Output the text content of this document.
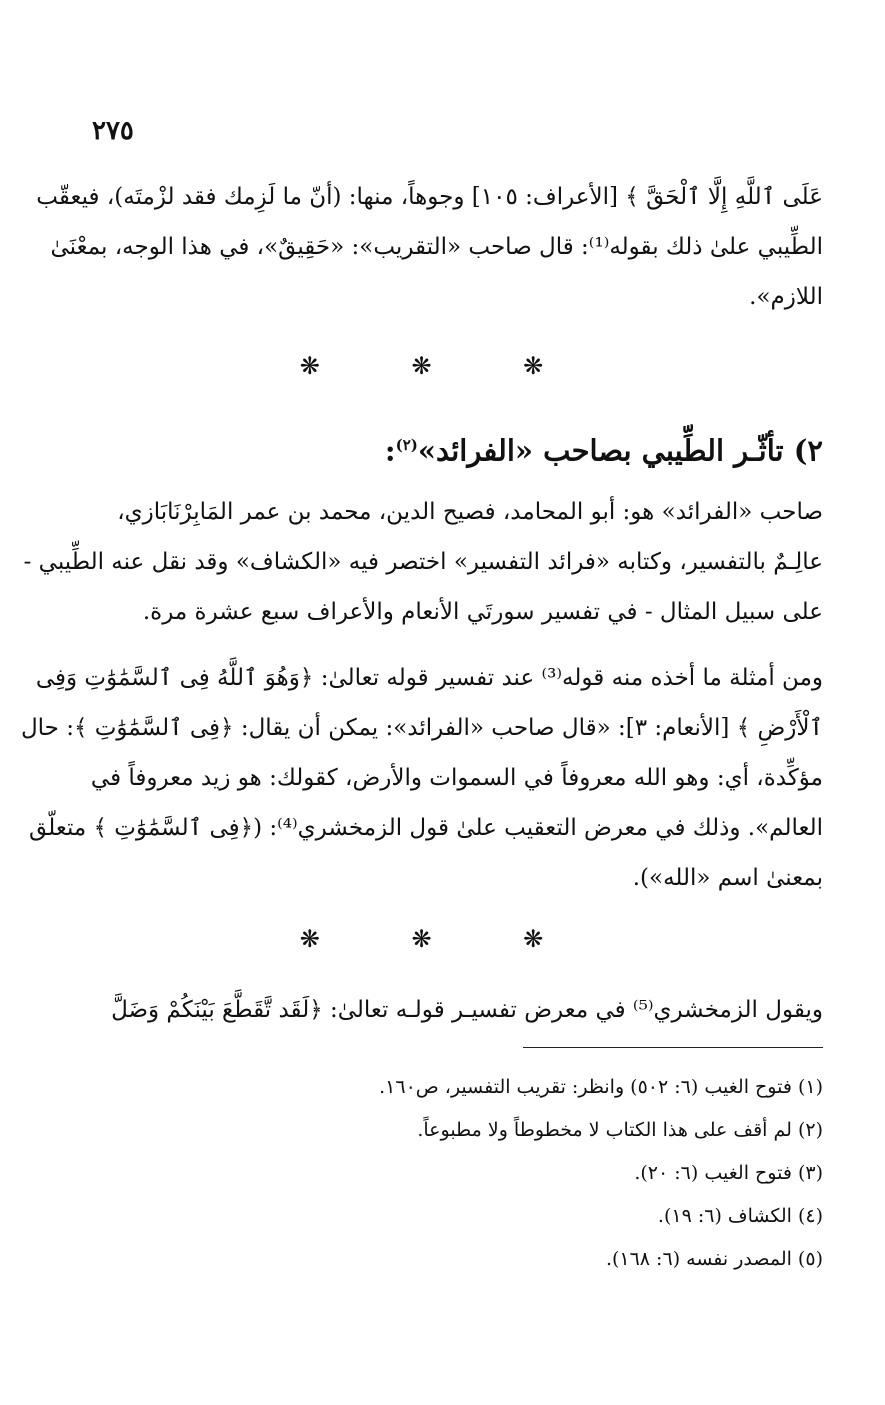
٢٧٥
عَلَى ٱللَّهِ إِلَّا ٱلْحَقَّ ﴾ [الأعراف: ١٠٥] وجوهاً، منها: (أنّ ما لَزِمك فقد لزْمتَه)، فيعقّب
الطِّيبي علىٰ ذلك بقوله⁽¹⁾: قال صاحب «التقريب»: «حَقِيقٌ»، في هذا الوجه، بمعْنَىٰ
اللازم».
❋ ❋ ❋
٢) تأثّـر الطِّيبي بصاحب «الفرائد»$^{(٢)}$:
صاحب «الفرائد» هو: أبو المحامد، فصيح الدين، محمد بن عمر المَابِرْنَابَازي،
عالِـمٌ بالتفسير، وكتابه «فرائد التفسير» اختصر فيه «الكشاف» وقد نقل عنه الطِّيبي -
على سبيل المثال - في تفسير سورتَي الأنعام والأعراف سبع عشرة مرة.
ومن أمثلة ما أخذه منه قوله⁽³⁾ عند تفسير قوله تعالىٰ: ﴿وَهُوَ ٱللَّهُ فِى ٱلسَّمَٰوَٰتِ وَفِى
ٱلْأَرْضِ ﴾ [الأنعام: ٣]: «قال صاحب «الفرائد»: يمكن أن يقال: ﴿فِى ٱلسَّمَٰوَٰتِ ﴾: حال
مؤكِّدة، أي: وهو الله معروفاً في السموات والأرض، كقولك: هو زيد معروفاً في
العالم». وذلك في معرض التعقيب علىٰ قول الزمخشري⁽⁴⁾: (﴿فِى ٱلسَّمَٰوَٰتِ ﴾ متعلّق
بمعنىٰ اسم «الله»).
❋ ❋ ❋
ويقول الزمخشري⁽⁵⁾ في معرض تفسيـر قولـه تعالىٰ: ﴿لَقَد تَّقَطَّعَ بَيْنَكُمْ وَضَلَّ
(١) فتوح الغيب (٦: ٥٠٢) وانظر: تقريب التفسير، ص١٦٠.
(٢) لم أقف على هذا الكتاب لا مخطوطاً ولا مطبوعاً.
(٣) فتوح الغيب (٦: ٢٠).
(٤) الكشاف (٦: ١٩).
(٥) المصدر نفسه (٦: ١٦٨).
